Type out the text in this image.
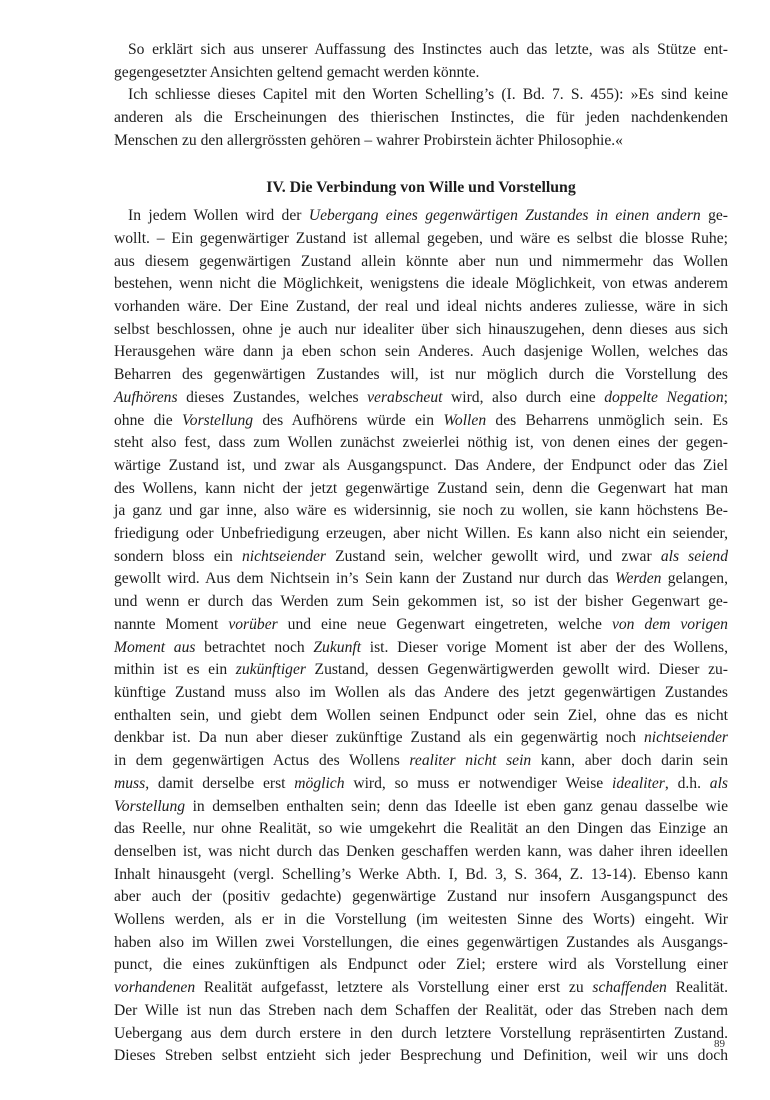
So erklärt sich aus unserer Auffassung des Instinctes auch das letzte, was als Stütze ent-
gegengesetzter Ansichten geltend gemacht werden könnte.
Ich schliesse dieses Capitel mit den Worten Schelling’s (I. Bd. 7. S. 455): »Es sind keine
anderen als die Erscheinungen des thierischen Instinctes, die für jeden nachdenkenden
Menschen zu den allergrössten gehören – wahrer Probirstein ächter Philosophie.«
IV. Die Verbindung von Wille und Vorstellung
In jedem Wollen wird der Uebergang eines gegenwärtigen Zustandes in einen andern ge-
wollt. – Ein gegenwärtiger Zustand ist allemal gegeben, und wäre es selbst die blosse Ruhe;
aus diesem gegenwärtigen Zustand allein könnte aber nun und nimmermehr das Wollen
bestehen, wenn nicht die Möglichkeit, wenigstens die ideale Möglichkeit, von etwas anderem
vorhanden wäre. Der Eine Zustand, der real und ideal nichts anderes zuliesse, wäre in sich
selbst beschlossen, ohne je auch nur idealiter über sich hinauszugehen, denn dieses aus sich
Herausgehen wäre dann ja eben schon sein Anderes. Auch dasjenige Wollen, welches das
Beharren des gegenwärtigen Zustandes will, ist nur möglich durch die Vorstellung des
Aufhörens dieses Zustandes, welches verabscheut wird, also durch eine doppelte Negation;
ohne die Vorstellung des Aufhörens würde ein Wollen des Beharrens unmöglich sein. Es
steht also fest, dass zum Wollen zunächst zweierlei nöthig ist, von denen eines der gegen-
wärtige Zustand ist, und zwar als Ausgangspunct. Das Andere, der Endpunct oder das Ziel
des Wollens, kann nicht der jetzt gegenwärtige Zustand sein, denn die Gegenwart hat man
ja ganz und gar inne, also wäre es widersinnig, sie noch zu wollen, sie kann höchstens Be-
friedigung oder Unbefriedigung erzeugen, aber nicht Willen. Es kann also nicht ein seiender,
sondern bloss ein nichtseiender Zustand sein, welcher gewollt wird, und zwar als seiend
gewollt wird. Aus dem Nichtsein in’s Sein kann der Zustand nur durch das Werden gelangen,
und wenn er durch das Werden zum Sein gekommen ist, so ist der bisher Gegenwart ge-
nannte Moment vorüber und eine neue Gegenwart eingetreten, welche von dem vorigen
Moment aus betrachtet noch Zukunft ist. Dieser vorige Moment ist aber der des Wollens,
mithin ist es ein zukünftiger Zustand, dessen Gegenwärtigwerden gewollt wird. Dieser zu-
künftige Zustand muss also im Wollen als das Andere des jetzt gegenwärtigen Zustandes
enthalten sein, und giebt dem Wollen seinen Endpunct oder sein Ziel, ohne das es nicht
denkbar ist. Da nun aber dieser zukünftige Zustand als ein gegenwärtig noch nichtseiender
in dem gegenwärtigen Actus des Wollens realiter nicht sein kann, aber doch darin sein
muss, damit derselbe erst möglich wird, so muss er notwendiger Weise idealiter, d.h. als
Vorstellung in demselben enthalten sein; denn das Ideelle ist eben ganz genau dasselbe wie
das Reelle, nur ohne Realität, so wie umgekehrt die Realität an den Dingen das Einzige an
denselben ist, was nicht durch das Denken geschaffen werden kann, was daher ihren ideellen
Inhalt hinausgeht (vergl. Schelling’s Werke Abth. I, Bd. 3, S. 364, Z. 13-14). Ebenso kann
aber auch der (positiv gedachte) gegenwärtige Zustand nur insofern Ausgangspunct des
Wollens werden, als er in die Vorstellung (im weitesten Sinne des Worts) eingeht. Wir
haben also im Willen zwei Vorstellungen, die eines gegenwärtigen Zustandes als Ausgangs-
punct, die eines zukünftigen als Endpunct oder Ziel; erstere wird als Vorstellung einer
vorhandenen Realität aufgefasst, letztere als Vorstellung einer erst zu schaffenden Realität.
Der Wille ist nun das Streben nach dem Schaffen der Realität, oder das Streben nach dem
Uebergang aus dem durch erstere in den durch letztere Vorstellung repräsentirten Zustand.
Dieses Streben selbst entzieht sich jeder Besprechung und Definition, weil wir uns doch
89
